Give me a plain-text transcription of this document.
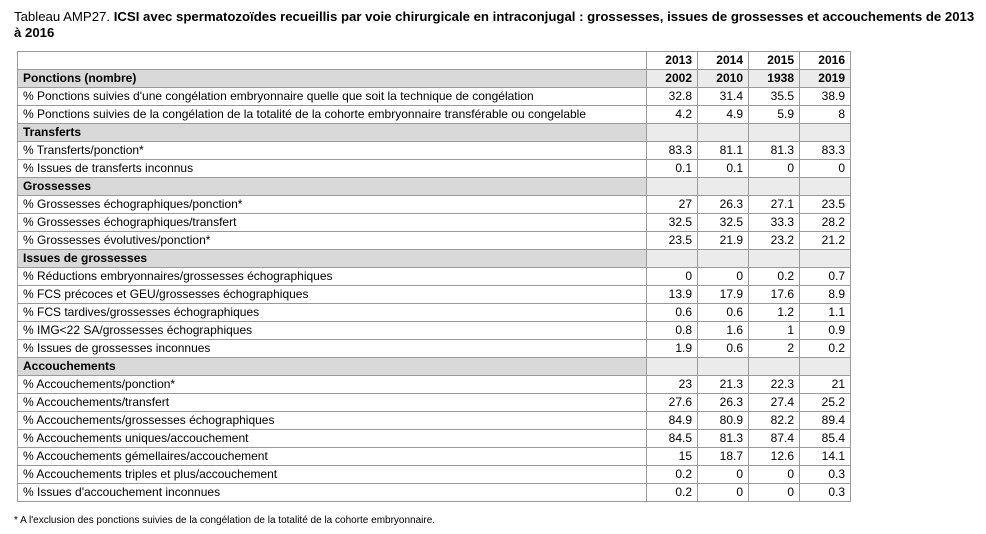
Tableau AMP27. ICSI avec spermatozoïdes recueillis par voie chirurgicale en intraconjugal : grossesses, issues de grossesses et accouchements de 2013 à 2016
	2013	2014	2015	2016
Ponctions (nombre)	2002	2010	1938	2019
% Ponctions suivies d'une congélation embryonnaire quelle que soit la technique de congélation	32.8	31.4	35.5	38.9
% Ponctions suivies de la congélation de la totalité de la cohorte embryonnaire transférable ou congelable	4.2	4.9	5.9	8
Transferts				
% Transferts/ponction*	83.3	81.1	81.3	83.3
% Issues de transferts inconnus	0.1	0.1	0	0
Grossesses				
% Grossesses échographiques/ponction*	27	26.3	27.1	23.5
% Grossesses échographiques/transfert	32.5	32.5	33.3	28.2
% Grossesses évolutives/ponction*	23.5	21.9	23.2	21.2
Issues de grossesses				
% Réductions embryonnaires/grossesses échographiques	0	0	0.2	0.7
% FCS précoces et GEU/grossesses échographiques	13.9	17.9	17.6	8.9
% FCS tardives/grossesses échographiques	0.6	0.6	1.2	1.1
% IMG<22 SA/grossesses échographiques	0.8	1.6	1	0.9
% Issues de grossesses inconnues	1.9	0.6	2	0.2
Accouchements				
% Accouchements/ponction*	23	21.3	22.3	21
% Accouchements/transfert	27.6	26.3	27.4	25.2
% Accouchements/grossesses échographiques	84.9	80.9	82.2	89.4
% Accouchements uniques/accouchement	84.5	81.3	87.4	85.4
% Accouchements gémellaires/accouchement	15	18.7	12.6	14.1
% Accouchements triples et plus/accouchement	0.2	0	0	0.3
% Issues d'accouchement inconnues	0.2	0	0	0.3
* A l'exclusion des ponctions suivies de la congélation de la totalité de la cohorte embryonnaire.
